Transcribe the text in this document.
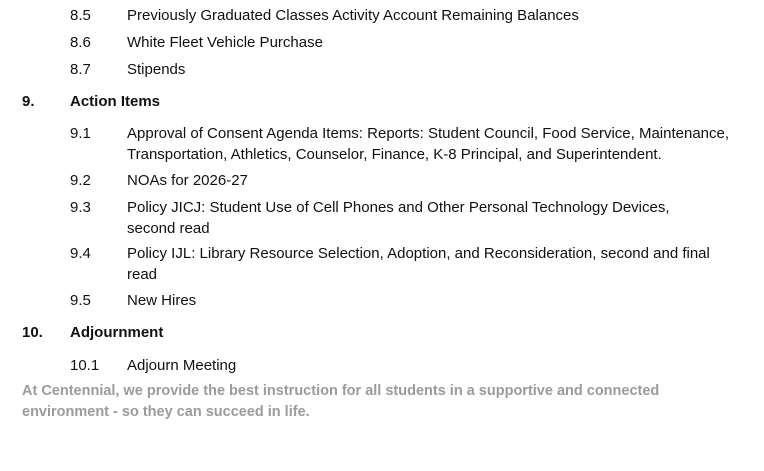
8.5 Previously Graduated Classes Activity Account Remaining Balances
8.6 White Fleet Vehicle Purchase
8.7 Stipends
9. Action Items
9.1 Approval of Consent Agenda Items: Reports: Student Council, Food Service, Maintenance, Transportation, Athletics, Counselor, Finance, K-8 Principal, and Superintendent.
9.2 NOAs for 2026-27
9.3 Policy JICJ: Student Use of Cell Phones and Other Personal Technology Devices, second read
9.4 Policy IJL: Library Resource Selection, Adoption, and Reconsideration, second and final read
9.5 New Hires
10. Adjournment
10.1 Adjourn Meeting
At Centennial, we provide the best instruction for all students in a supportive and connected environment - so they can succeed in life.
